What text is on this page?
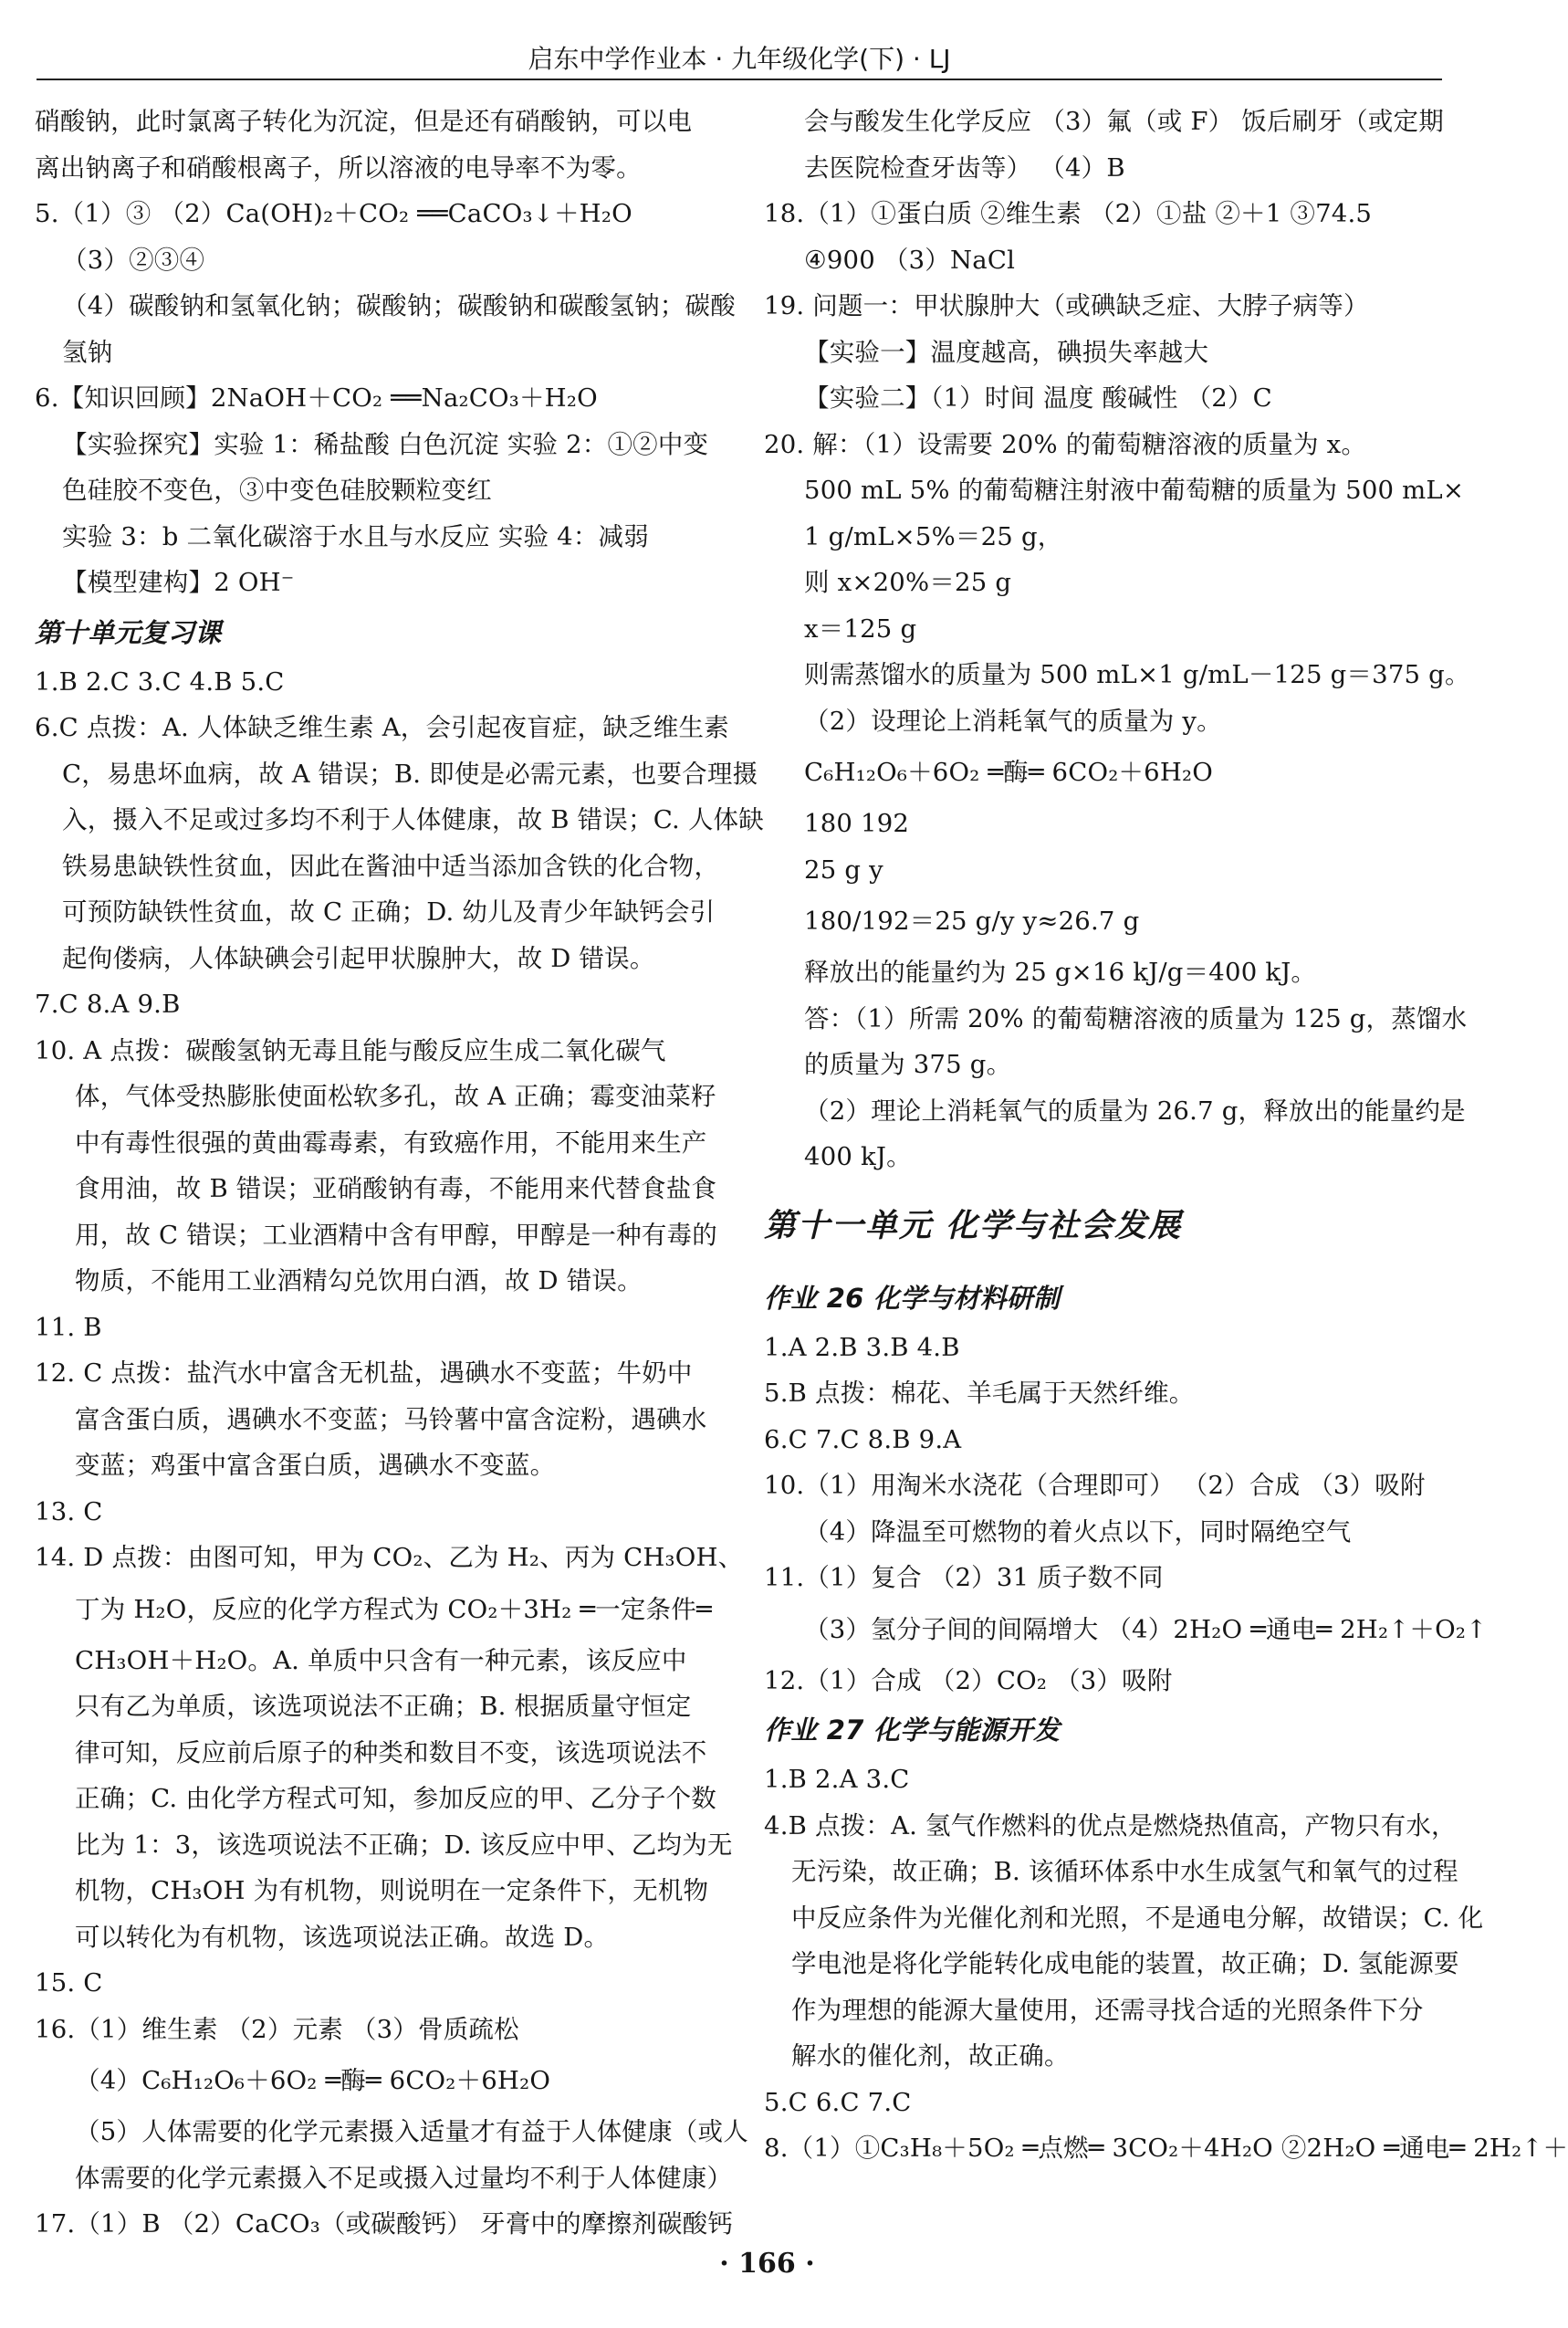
启东中学作业本 · 九年级化学(下) · LJ
硝酸钠，此时氯离子转化为沉淀，但是还有硝酸钠，可以电
离出钠离子和硝酸根离子，所以溶液的电导率不为零。
5.（1）③ （2）Ca(OH)₂＋CO₂ ══CaCO₃↓＋H₂O
（3）②③④
（4）碳酸钠和氢氧化钠；碳酸钠；碳酸钠和碳酸氢钠；碳酸
氢钠
6.【知识回顾】2NaOH＋CO₂ ══Na₂CO₃＋H₂O
【实验探究】实验 1：稀盐酸 白色沉淀 实验 2：①②中变
色硅胶不变色，③中变色硅胶颗粒变红
实验 3：b 二氧化碳溶于水且与水反应 实验 4：减弱
【模型建构】2 OH⁻
第十单元复习课
1.B 2.C 3.C 4.B 5.C
6.C 点拨：A. 人体缺乏维生素 A，会引起夜盲症，缺乏维生素
C，易患坏血病，故 A 错误；B. 即使是必需元素，也要合理摄
入，摄入不足或过多均不利于人体健康，故 B 错误；C. 人体缺
铁易患缺铁性贫血，因此在酱油中适当添加含铁的化合物，
可预防缺铁性贫血，故 C 正确；D. 幼儿及青少年缺钙会引
起佝偻病，人体缺碘会引起甲状腺肿大，故 D 错误。
7.C 8.A 9.B
10. A 点拨：碳酸氢钠无毒且能与酸反应生成二氧化碳气
体，气体受热膨胀使面松软多孔，故 A 正确；霉变油菜籽
中有毒性很强的黄曲霉毒素，有致癌作用，不能用来生产
食用油，故 B 错误；亚硝酸钠有毒，不能用来代替食盐食
用，故 C 错误；工业酒精中含有甲醇，甲醇是一种有毒的
物质，不能用工业酒精勾兑饮用白酒，故 D 错误。
11. B
12. C 点拨：盐汽水中富含无机盐，遇碘水不变蓝；牛奶中
富含蛋白质，遇碘水不变蓝；马铃薯中富含淀粉，遇碘水
变蓝；鸡蛋中富含蛋白质，遇碘水不变蓝。
13. C
14. D 点拨：由图可知，甲为 CO₂、乙为 H₂、丙为 CH₃OH、
丁为 H₂O，反应的化学方程式为 CO₂＋3H₂ ═一定条件═
CH₃OH＋H₂O。A. 单质中只含有一种元素，该反应中
只有乙为单质，该选项说法不正确；B. 根据质量守恒定
律可知，反应前后原子的种类和数目不变，该选项说法不
正确；C. 由化学方程式可知，参加反应的甲、乙分子个数
比为 1：3，该选项说法不正确；D. 该反应中甲、乙均为无
机物，CH₃OH 为有机物，则说明在一定条件下，无机物
可以转化为有机物，该选项说法正确。故选 D。
15. C
16.（1）维生素 （2）元素 （3）骨质疏松
（4）C₆H₁₂O₆＋6O₂ ═酶═ 6CO₂＋6H₂O
（5）人体需要的化学元素摄入适量才有益于人体健康（或人
体需要的化学元素摄入不足或摄入过量均不利于人体健康）
17.（1）B （2）CaCO₃（或碳酸钙） 牙膏中的摩擦剂碳酸钙
会与酸发生化学反应 （3）氟（或 F） 饭后刷牙（或定期
去医院检查牙齿等） （4）B
18.（1）①蛋白质 ②维生素 （2）①盐 ②＋1 ③74.5
④900 （3）NaCl
19. 问题一：甲状腺肿大（或碘缺乏症、大脖子病等）
【实验一】温度越高，碘损失率越大
【实验二】（1）时间 温度 酸碱性 （2）C
20. 解：（1）设需要 20% 的葡萄糖溶液的质量为 x。
500 mL 5% 的葡萄糖注射液中葡萄糖的质量为 500 mL×
1 g/mL×5%＝25 g，
则 x×20%＝25 g
x＝125 g
则需蒸馏水的质量为 500 mL×1 g/mL－125 g＝375 g。
（2）设理论上消耗氧气的质量为 y。
C₆H₁₂O₆＋6O₂ ═酶═ 6CO₂＋6H₂O
180 192
25 g y
180/192＝25 g/y y≈26.7 g
释放出的能量约为 25 g×16 kJ/g＝400 kJ。
答：（1）所需 20% 的葡萄糖溶液的质量为 125 g，蒸馏水
的质量为 375 g。
（2）理论上消耗氧气的质量为 26.7 g，释放出的能量约是
400 kJ。
第十一单元 化学与社会发展
作业 26 化学与材料研制
1.A 2.B 3.B 4.B
5.B 点拨：棉花、羊毛属于天然纤维。
6.C 7.C 8.B 9.A
10.（1）用淘米水浇花（合理即可） （2）合成 （3）吸附
（4）降温至可燃物的着火点以下，同时隔绝空气
11.（1）复合 （2）31 质子数不同
（3）氢分子间的间隔增大 （4）2H₂O ═通电═ 2H₂↑＋O₂↑
12.（1）合成 （2）CO₂ （3）吸附
作业 27 化学与能源开发
1.B 2.A 3.C
4.B 点拨：A. 氢气作燃料的优点是燃烧热值高，产物只有水，
无污染，故正确；B. 该循环体系中水生成氢气和氧气的过程
中反应条件为光催化剂和光照，不是通电分解，故错误；C. 化
学电池是将化学能转化成电能的装置，故正确；D. 氢能源要
作为理想的能源大量使用，还需寻找合适的光照条件下分
解水的催化剂，故正确。
5.C 6.C 7.C
8.（1）①C₃H₈＋5O₂ ═点燃═ 3CO₂＋4H₂O ②2H₂O ═通电═ 2H₂↑＋
· 166 ·
